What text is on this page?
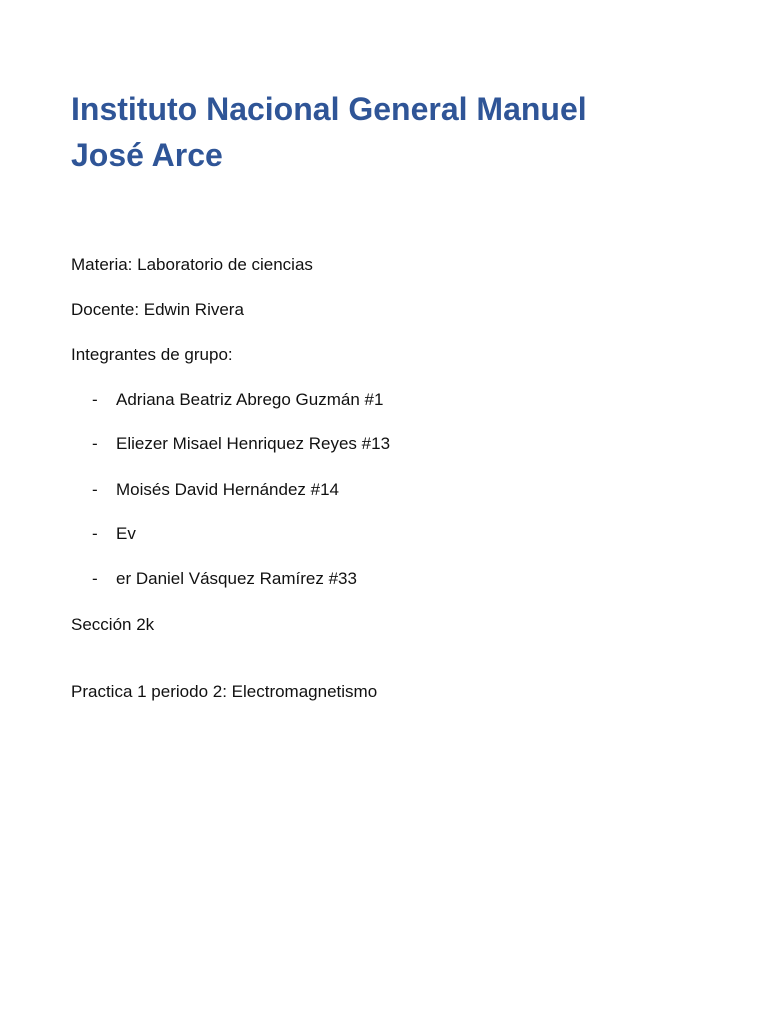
Instituto Nacional General Manuel
José Arce

Materia: Laboratorio de ciencias

Docente: Edwin Rivera

Integrantes de grupo:

- Adriana Beatriz Abrego Guzmán #1

- Eliezer Misael Henriquez Reyes #13

- Moisés David Hernández #14

- Ev

- er Daniel Vásquez Ramírez #33

Sección 2k

Practica 1 periodo 2: Electromagnetismo
